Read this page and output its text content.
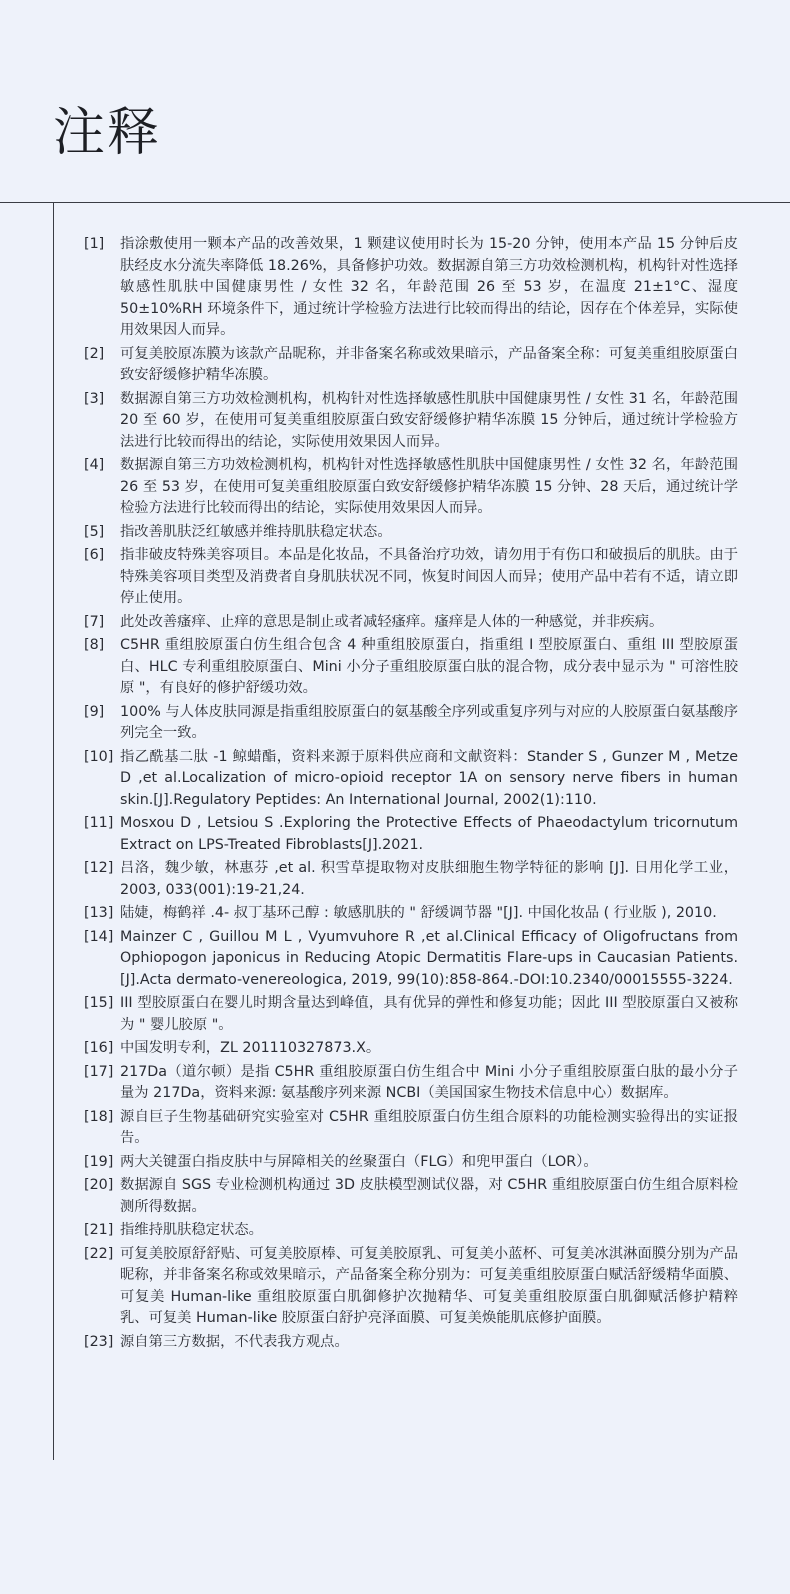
注释
[1]	指涂敷使用一颗本产品的改善效果，1 颗建议使用时长为 15-20 分钟，使用本产品 15 分钟后皮肤经皮水分流失率降低 18.26%，具备修护功效。数据源自第三方功效检测机构，机构针对性选择敏感性肌肤中国健康男性 / 女性 32 名，年龄范围 26 至 53 岁，在温度 21±1°C、湿度 50±10%RH 环境条件下，通过统计学检验方法进行比较而得出的结论，因存在个体差异，实际使用效果因人而异。
[2]	可复美胶原冻膜为该款产品昵称，并非备案名称或效果暗示，产品备案全称：可复美重组胶原蛋白致安舒缓修护精华冻膜。
[3]	数据源自第三方功效检测机构，机构针对性选择敏感性肌肤中国健康男性 / 女性 31 名，年龄范围 20 至 60 岁，在使用可复美重组胶原蛋白致安舒缓修护精华冻膜 15 分钟后，通过统计学检验方法进行比较而得出的结论，实际使用效果因人而异。
[4]	数据源自第三方功效检测机构，机构针对性选择敏感性肌肤中国健康男性 / 女性 32 名，年龄范围 26 至 53 岁，在使用可复美重组胶原蛋白致安舒缓修护精华冻膜 15 分钟、28 天后，通过统计学检验方法进行比较而得出的结论，实际使用效果因人而异。
[5]	指改善肌肤泛红敏感并维持肌肤稳定状态。
[6]	指非破皮特殊美容项目。本品是化妆品，不具备治疗功效，请勿用于有伤口和破损后的肌肤。由于特殊美容项目类型及消费者自身肌肤状况不同，恢复时间因人而异；使用产品中若有不适，请立即停止使用。
[7]	此处改善瘙痒、止痒的意思是制止或者减轻瘙痒。瘙痒是人体的一种感觉，并非疾病。
[8]	C5HR 重组胶原蛋白仿生组合包含 4 种重组胶原蛋白，指重组 I 型胶原蛋白、重组 III 型胶原蛋白、HLC 专利重组胶原蛋白、Mini 小分子重组胶原蛋白肽的混合物，成分表中显示为 " 可溶性胶原 "，有良好的修护舒缓功效。
[9]	100% 与人体皮肤同源是指重组胶原蛋白的氨基酸全序列或重复序列与对应的人胶原蛋白氨基酸序列完全一致。
[10] 指乙酰基二肽 -1 鲸蜡酯，资料来源于原料供应商和文献资料：Stander S , Gunzer M , Metze D ,et al.Localization of micro-opioid receptor 1A on sensory nerve fibers in human skin.[J].Regulatory Peptides: An International Journal, 2002(1):110.
[11] Mosxou D , Letsiou S .Exploring the Protective Effects of Phaeodactylum tricornutum Extract on LPS-Treated Fibroblasts[J].2021.
[12] 吕洛，魏少敏，林惠芬 ,et al. 积雪草提取物对皮肤细胞生物学特征的影响 [J]. 日用化学工业，2003, 033(001):19-21,24.
[13] 陆婕，梅鹤祥 .4- 叔丁基环己醇 : 敏感肌肤的 " 舒缓调节器 "[J]. 中国化妆品 ( 行业版 ), 2010.
[14] Mainzer C , Guillou M L , Vyumvuhore R ,et al.Clinical Efficacy of Oligofructans from Ophiopogon japonicus in Reducing Atopic Dermatitis Flare-ups in Caucasian Patients.[J].Acta dermato-venereologica, 2019, 99(10):858-864.-DOI:10.2340/00015555-3224.
[15] III 型胶原蛋白在婴儿时期含量达到峰值，具有优异的弹性和修复功能；因此 III 型胶原蛋白又被称为 " 婴儿胶原 "。
[16] 中国发明专利，ZL 201110327873.X。
[17] 217Da（道尔顿）是指 C5HR 重组胶原蛋白仿生组合中 Mini 小分子重组胶原蛋白肽的最小分子量为 217Da，资料来源: 氨基酸序列来源 NCBI（美国国家生物技术信息中心）数据库。
[18] 源自巨子生物基础研究实验室对 C5HR 重组胶原蛋白仿生组合原料的功能检测实验得出的实证报告。
[19] 两大关键蛋白指皮肤中与屏障相关的丝聚蛋白（FLG）和兜甲蛋白（LOR）。
[20] 数据源自 SGS 专业检测机构通过 3D 皮肤模型测试仪器，对 C5HR 重组胶原蛋白仿生组合原料检测所得数据。
[21] 指维持肌肤稳定状态。
[22] 可复美胶原舒舒贴、可复美胶原棒、可复美胶原乳、可复美小蓝杯、可复美冰淇淋面膜分别为产品昵称，并非备案名称或效果暗示，产品备案全称分别为：可复美重组胶原蛋白赋活舒缓精华面膜、可复美 Human-like 重组胶原蛋白肌御修护次抛精华、可复美重组胶原蛋白肌御赋活修护精粹乳、可复美 Human-like 胶原蛋白舒护亮泽面膜、可复美焕能肌底修护面膜。
[23] 源自第三方数据，不代表我方观点。
